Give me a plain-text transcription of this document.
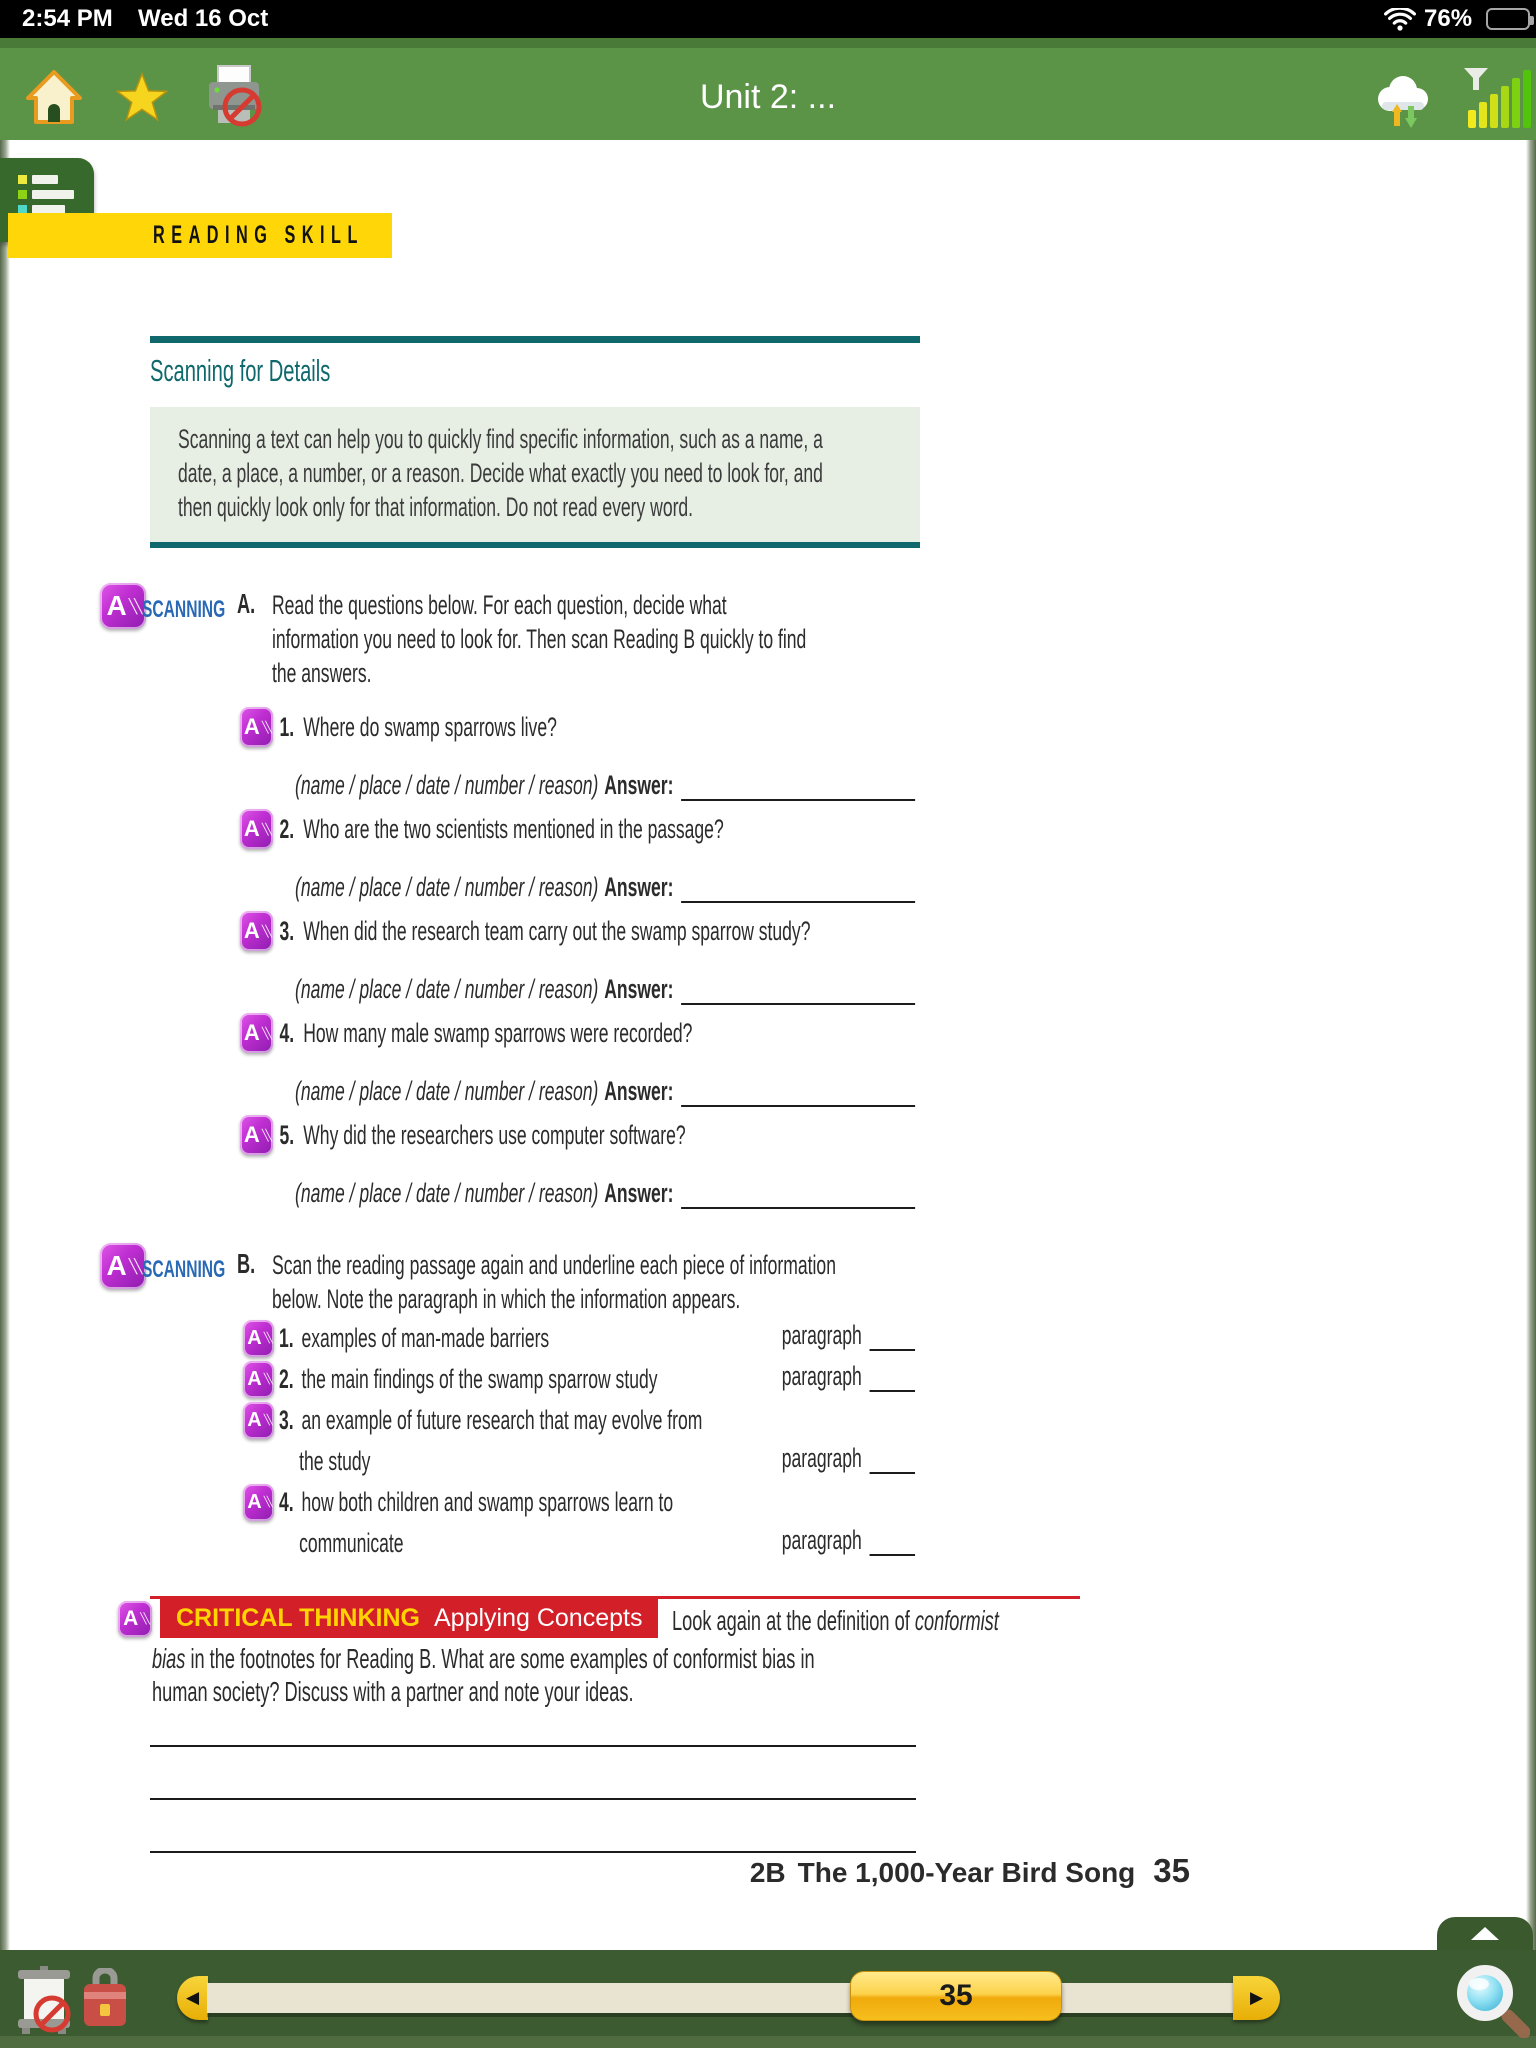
2:54 PM Wed 16 Oct	76%
Unit 2: ...
READING SKILL
Scanning for Details
Scanning a text can help you to quickly find specific information, such as a name, a
date, a place, a number, or a reason. Decide what exactly you need to look for, and
then quickly look only for that information. Do not read every word.
A ╲╲ SCANNING A. Read the questions below. For each question, decide what
information you need to look for. Then scan Reading B quickly to find
the answers.
A ╲╲ 1. Where do swamp sparrows live?
(name / place / date / number / reason) Answer:
A ╲╲ 2. Who are the two scientists mentioned in the passage?
(name / place / date / number / reason) Answer:
A ╲╲ 3. When did the research team carry out the swamp sparrow study?
(name / place / date / number / reason) Answer:
A ╲╲ 4. How many male swamp sparrows were recorded?
(name / place / date / number / reason) Answer:
A ╲╲ 5. Why did the researchers use computer software?
(name / place / date / number / reason) Answer:
A ╲╲ SCANNING B. Scan the reading passage again and underline each piece of information
below. Note the paragraph in which the information appears.
A ╲╲ 1. examples of man-made barriers	paragraph
A ╲╲ 2. the main findings of the swamp sparrow study	paragraph
A ╲╲ 3. an example of future research that may evolve from
the study	paragraph
A ╲╲ 4. how both children and swamp sparrows learn to
communicate	paragraph
A ╲╲	CRITICAL THINKING Applying Concepts Look again at the definition of conformist
bias in the footnotes for Reading B. What are some examples of conformist bias in
human society? Discuss with a partner and note your ideas.
2B The 1,000-Year Bird Song 35
◀	35	▶
